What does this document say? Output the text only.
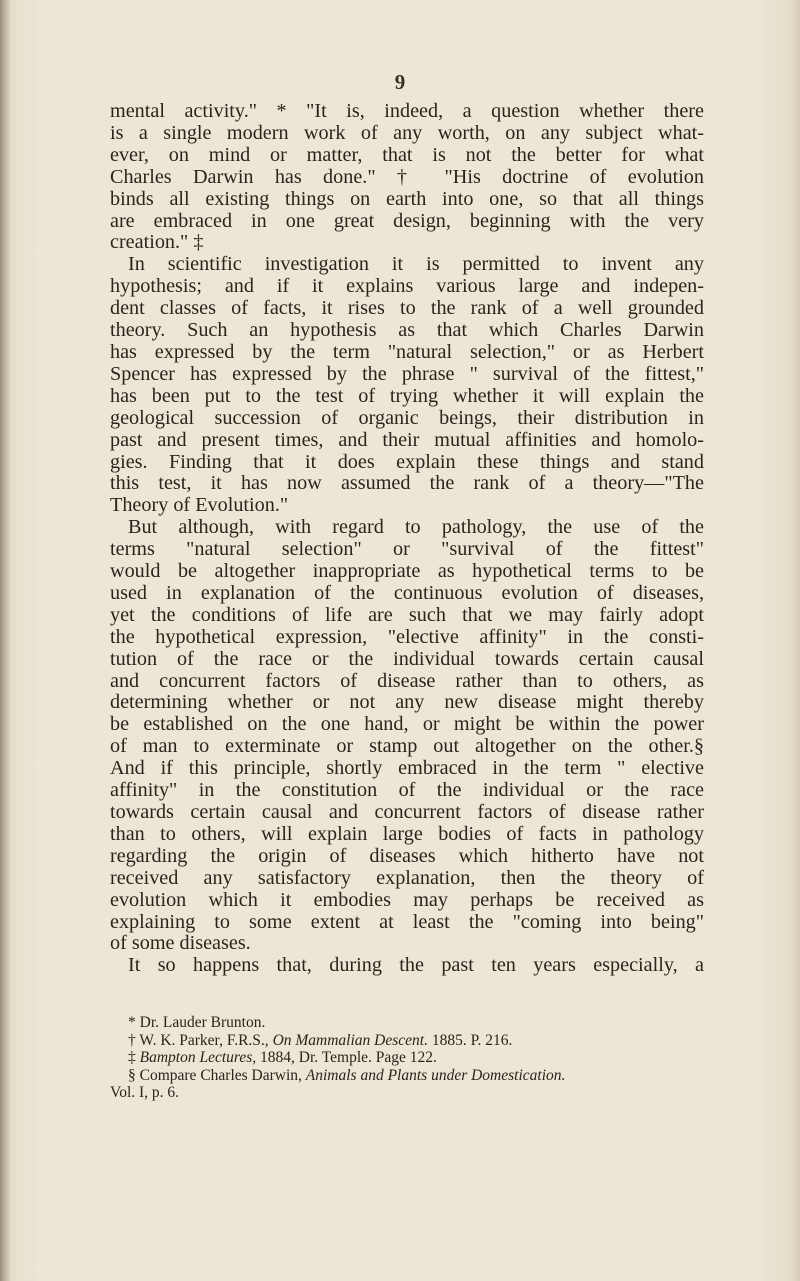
9
mental activity." * "It is, indeed, a question whether there
is a single modern work of any worth, on any subject what-
ever, on mind or matter, that is not the better for what
Charles Darwin has done." † "His doctrine of evolution
binds all existing things on earth into one, so that all things
are embraced in one great design, beginning with the very
creation." ‡
In scientific investigation it is permitted to invent any
hypothesis; and if it explains various large and indepen-
dent classes of facts, it rises to the rank of a well grounded
theory. Such an hypothesis as that which Charles Darwin
has expressed by the term "natural selection," or as Herbert
Spencer has expressed by the phrase " survival of the fittest,"
has been put to the test of trying whether it will explain the
geological succession of organic beings, their distribution in
past and present times, and their mutual affinities and homolo-
gies. Finding that it does explain these things and stand
this test, it has now assumed the rank of a theory—"The
Theory of Evolution."
But although, with regard to pathology, the use of the
terms "natural selection" or "survival of the fittest"
would be altogether inappropriate as hypothetical terms to be
used in explanation of the continuous evolution of diseases,
yet the conditions of life are such that we may fairly adopt
the hypothetical expression, "elective affinity" in the consti-
tution of the race or the individual towards certain causal
and concurrent factors of disease rather than to others, as
determining whether or not any new disease might thereby
be established on the one hand, or might be within the power
of man to exterminate or stamp out altogether on the other.§
And if this principle, shortly embraced in the term " elective
affinity" in the constitution of the individual or the race
towards certain causal and concurrent factors of disease rather
than to others, will explain large bodies of facts in pathology
regarding the origin of diseases which hitherto have not
received any satisfactory explanation, then the theory of
evolution which it embodies may perhaps be received as
explaining to some extent at least the "coming into being"
of some diseases.
It so happens that, during the past ten years especially, a
* Dr. Lauder Brunton.
† W. K. Parker, F.R.S., On Mammalian Descent. 1885. P. 216.
‡ Bampton Lectures, 1884, Dr. Temple. Page 122.
§ Compare Charles Darwin, Animals and Plants under Domestication.
Vol. I, p. 6.
